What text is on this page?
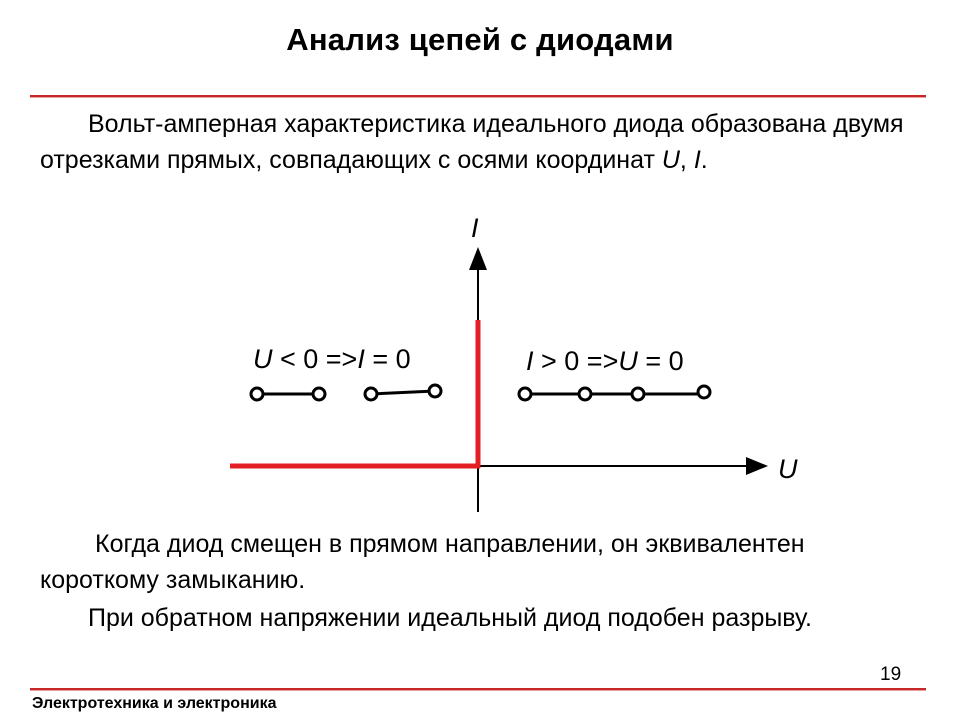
Анализ цепей с диодами

Вольт-амперная характеристика идеального диода образована двумя отрезками прямых, совпадающих с осями координат U, I.

I
U
U < 0 =>I = 0	I > 0 =>U = 0

Когда диод смещен в прямом направлении, он эквивалентен короткому замыканию.

При обратном напряжении идеальный диод подобен разрыву.

19
Электротехника и электроника
